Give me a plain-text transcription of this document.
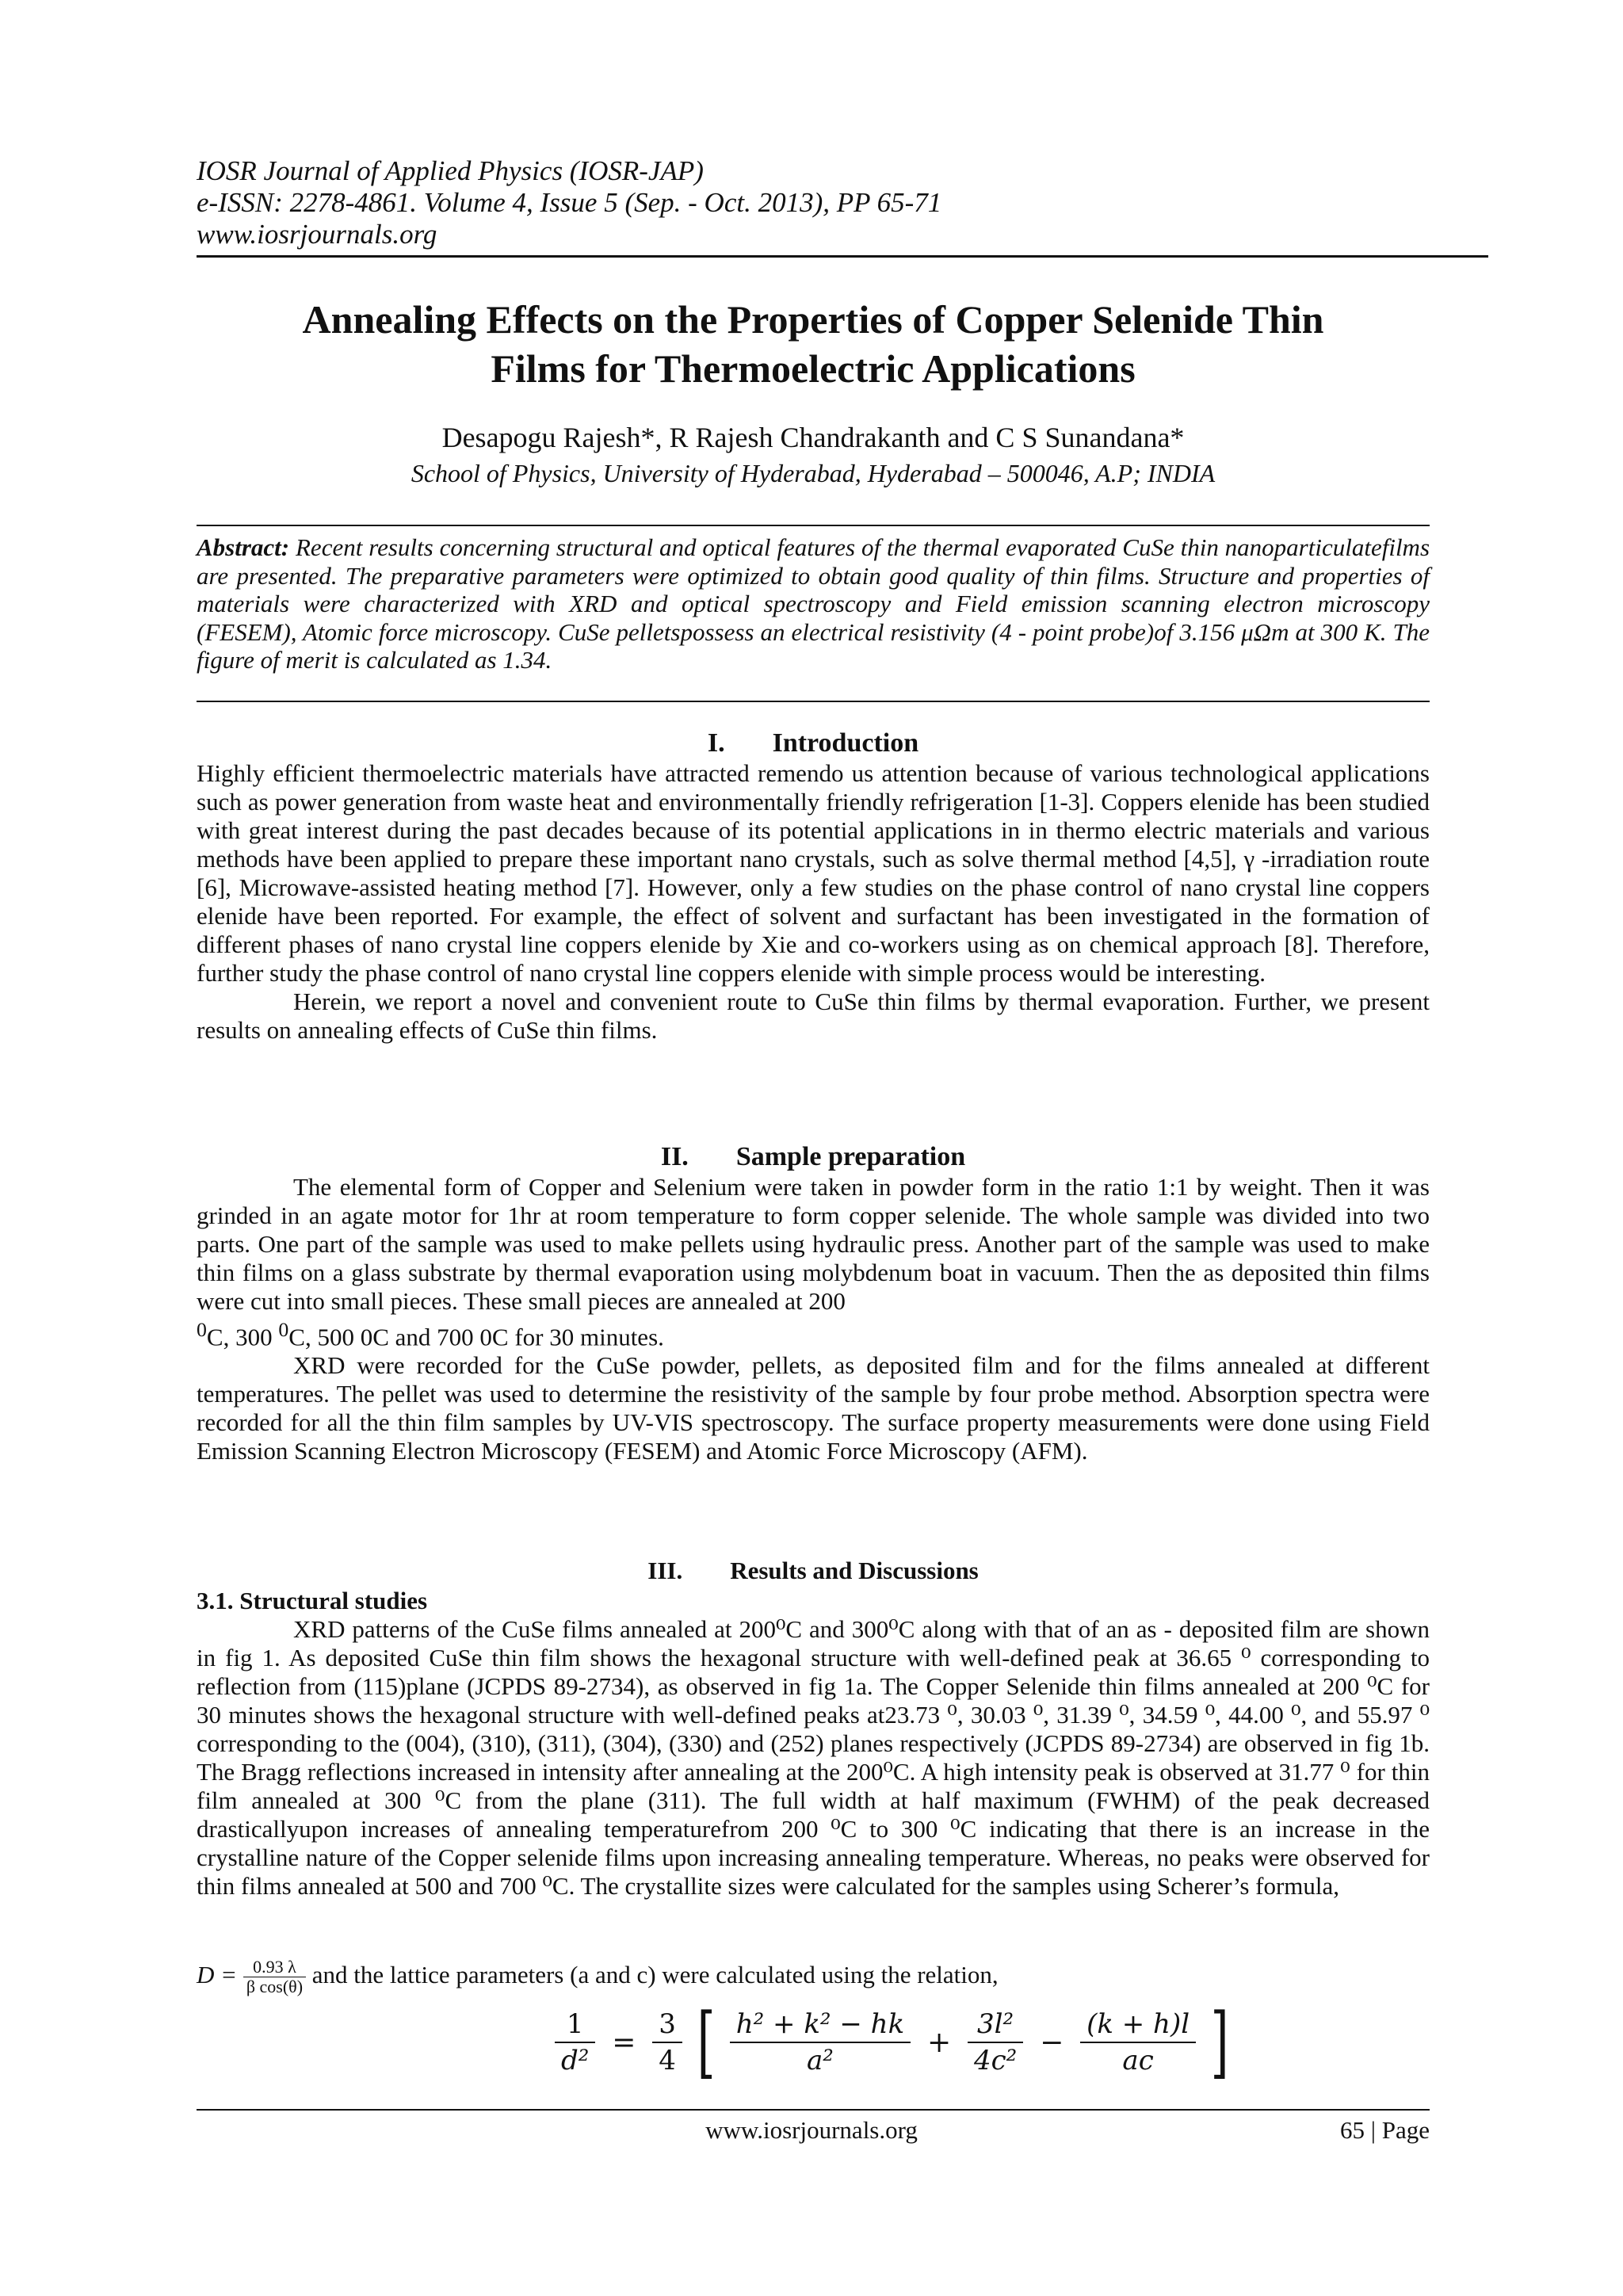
IOSR Journal of Applied Physics (IOSR-JAP)
e-ISSN: 2278-4861. Volume 4, Issue 5 (Sep. - Oct. 2013), PP 65-71
www.iosrjournals.org
Annealing Effects on the Properties of Copper Selenide Thin
Films for Thermoelectric Applications
Desapogu Rajesh*, R Rajesh Chandrakanth and C S Sunandana*
School of Physics, University of Hyderabad, Hyderabad – 500046, A.P; INDIA
Abstract: Recent results concerning structural and optical features of the thermal evaporated CuSe thin nanoparticulatefilms are presented. The preparative parameters were optimized to obtain good quality of thin films. Structure and properties of materials were characterized with XRD and optical spectroscopy and Field emission scanning electron microscopy (FESEM), Atomic force microscopy. CuSe pelletspossess an electrical resistivity (4 - point probe)of 3.156 μΩm at 300 K. The figure of merit is calculated as 1.34.
I. Introduction

Highly efficient thermoelectric materials have attracted remendo us attention because of various technological applications such as power generation from waste heat and environmentally friendly refrigeration [1-3]. Coppers elenide has been studied with great interest during the past decades because of its potential applications in in thermo electric materials and various methods have been applied to prepare these important nano crystals, such as solve thermal method [4,5], γ -irradiation route [6], Microwave-assisted heating method [7]. However, only a few studies on the phase control of nano crystal line coppers elenide have been reported. For example, the effect of solvent and surfactant has been investigated in the formation of different phases of nano crystal line coppers elenide by Xie and co-workers using as on chemical approach [8]. Therefore, further study the phase control of nano crystal line coppers elenide with simple process would be interesting.

Herein, we report a novel and convenient route to CuSe thin films by thermal evaporation. Further, we present results on annealing effects of CuSe thin films.

II. Sample preparation

The elemental form of Copper and Selenium were taken in powder form in the ratio 1:1 by weight. Then it was grinded in an agate motor for 1hr at room temperature to form copper selenide. The whole sample was divided into two parts. One part of the sample was used to make pellets using hydraulic press. Another part of the sample was used to make thin films on a glass substrate by thermal evaporation using molybdenum boat in vacuum. Then the as deposited thin films were cut into small pieces. These small pieces are annealed at 200
$^0$C, 300 $^0$C, 500 0C and 700 0C for 30 minutes.

XRD were recorded for the CuSe powder, pellets, as deposited film and for the films annealed at different temperatures. The pellet was used to determine the resistivity of the sample by four probe method. Absorption spectra were recorded for all the thin film samples by UV-VIS spectroscopy. The surface property measurements were done using Field Emission Scanning Electron Microscopy (FESEM) and Atomic Force Microscopy (AFM).

III. Results and Discussions
3.1. Structural studies

XRD patterns of the CuSe films annealed at 200⁰C and 300⁰C along with that of an as - deposited film are shown in fig 1. As deposited CuSe thin film shows the hexagonal structure with well-defined peak at 36.65 ⁰ corresponding to reflection from (115)plane (JCPDS 89-2734), as observed in fig 1a. The Copper Selenide thin films annealed at 200 ⁰C for 30 minutes shows the hexagonal structure with well-defined peaks at23.73 ⁰, 30.03 ⁰, 31.39 ⁰, 34.59 ⁰, 44.00 ⁰, and 55.97 ⁰ corresponding to the (004), (310), (311), (304), (330) and (252) planes respectively (JCPDS 89-2734) are observed in fig 1b. The Bragg reflections increased in intensity after annealing at the 200⁰C. A high intensity peak is observed at 31.77 ⁰ for thin film annealed at 300 ⁰C from the plane (311). The full width at half maximum (FWHM) of the peak decreased drasticallyupon increases of annealing temperaturefrom 200 ⁰C to 300 ⁰C indicating that there is an increase in the crystalline nature of the Copper selenide films upon increasing annealing temperature. Whereas, no peaks were observed for thin films annealed at 500 and 700 ⁰C. The crystallite sizes were calculated for the samples using Scherer’s formula,

$D = \frac{0.93 \lambda}{\text{β cos(θ)}}$ and the lattice parameters (a and c) were calculated using the relation,
$\frac{1}{\text{d²}} = \frac{3}{4}$ [ $\frac{\text{h² + k² − hk}}{\text{a²}} + \frac{\text{3l²}}{\text{4c²}} - \frac{(k + h)l}{ac}$ ]
www.iosrjournals.org	65 | Page
